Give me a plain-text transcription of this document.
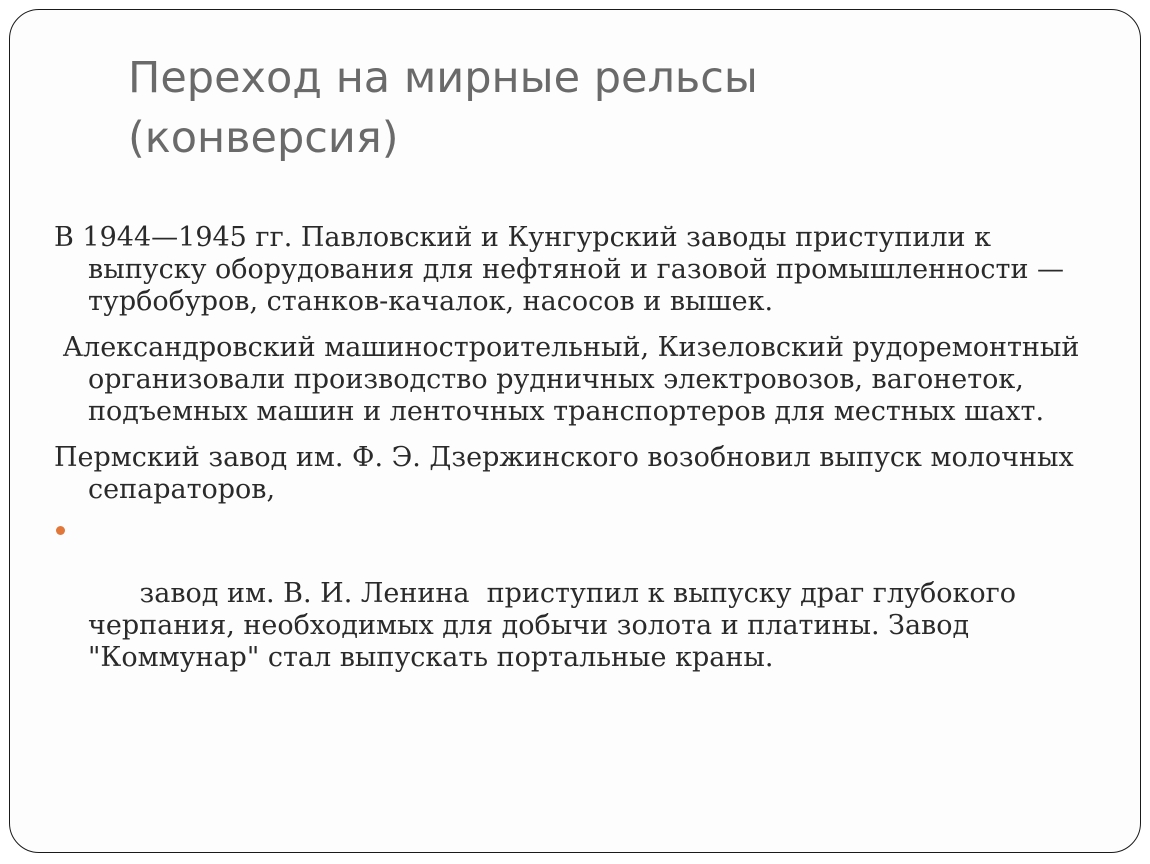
Переход на мирные рельсы
(конверсия)

В 1944—1945 гг. Павловский и Кунгурский заводы приступили к выпуску оборудования для нефтяной и газовой промышленности — турбобуров, станков-качалок, насосов и вышек.

Александровский машиностроительный, Кизеловский рудоремонтный организовали производство рудничных электровозов, вагонеток, подъемных машин и ленточных транспортеров для местных шахт.

Пермский завод им. Ф. Э. Дзержинского возобновил выпуск молочных сепараторов,

завод им. В. И. Ленина  приступил к выпуску драг глубокого черпания, необходимых для добычи золота и платины. Завод "Коммунар" стал выпускать портальные краны.
